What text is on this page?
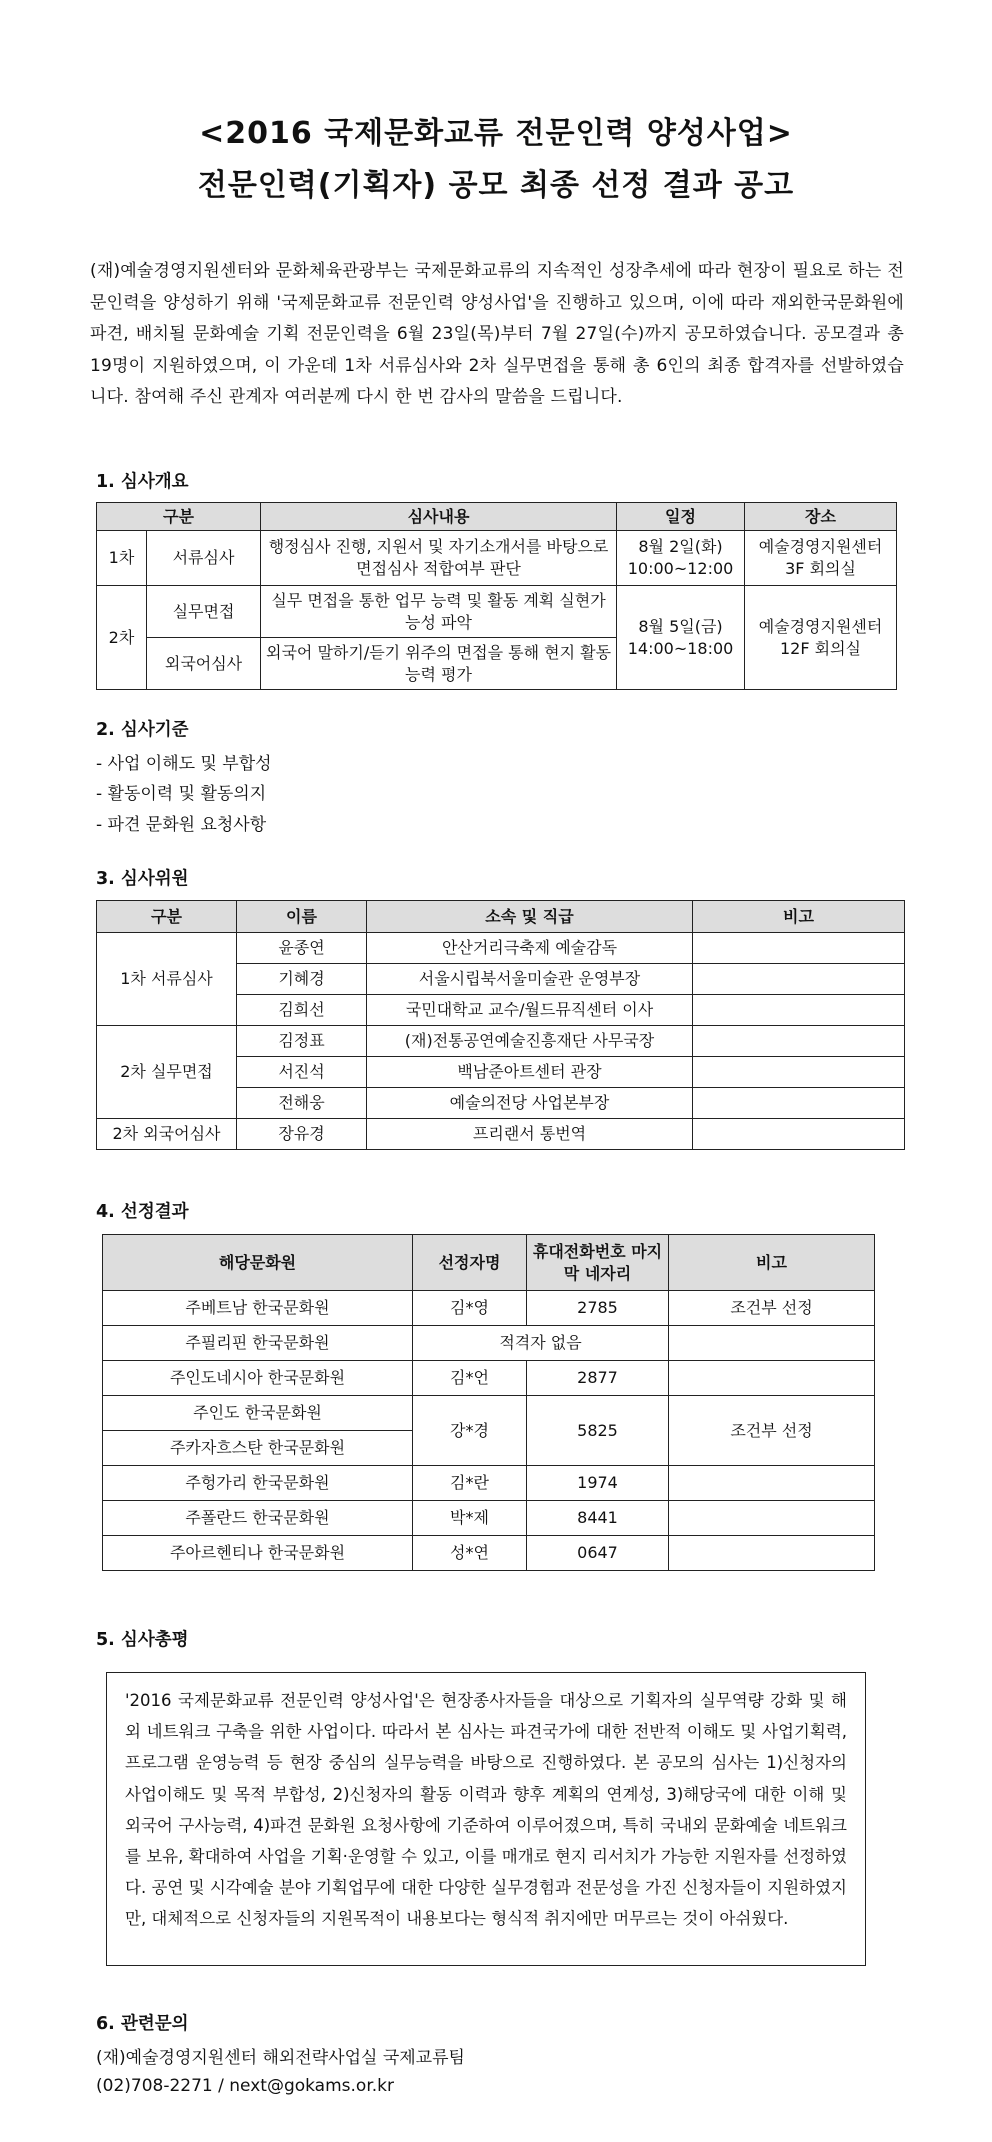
<2016 국제문화교류 전문인력 양성사업>
전문인력(기획자) 공모 최종 선정 결과 공고
(재)예술경영지원센터와 문화체육관광부는 국제문화교류의 지속적인 성장추세에 따라 현장이 필요로 하는 전문인력을 양성하기 위해 '국제문화교류 전문인력 양성사업'을 진행하고 있으며, 이에 따라 재외한국문화원에 파견, 배치될 문화예술 기획 전문인력을 6월 23일(목)부터 7월 27일(수)까지 공모하였습니다. 공모결과 총 19명이 지원하였으며, 이 가운데 1차 서류심사와 2차 실무면접을 통해 총 6인의 최종 합격자를 선발하였습니다. 참여해 주신 관계자 여러분께 다시 한 번 감사의 말씀을 드립니다.
1. 심사개요
구분		심사내용	일정	장소
1차	서류심사	행정심사 진행, 지원서 및 자기소개서를 바탕으로 면접심사 적합여부 판단	8월 2일(화) 10:00~12:00	예술경영지원센터 3F 회의실
2차	실무면접	실무 면접을 통한 업무 능력 및 활동 계획 실현가능성 파악	8월 5일(금) 14:00~18:00	예술경영지원센터 12F 회의실
	외국어심사	외국어 말하기/듣기 위주의 면접을 통해 현지 활동 능력 평가		
2. 심사기준
- 사업 이해도 및 부합성
- 활동이력 및 활동의지
- 파견 문화원 요청사항
3. 심사위원
구분	이름	소속 및 직급	비고
1차 서류심사	윤종연	안산거리극축제 예술감독	
	기혜경	서울시립북서울미술관 운영부장	
	김희선	국민대학교 교수/월드뮤직센터 이사	
2차 실무면접	김정표	(재)전통공연예술진흥재단 사무국장	
	서진석	백남준아트센터 관장	
	전해웅	예술의전당 사업본부장	
2차 외국어심사	장유경	프리랜서 통번역	
4. 선정결과
해당문화원	선정자명	휴대전화번호 마지막 네자리	비고
주베트남 한국문화원	김*영	2785	조건부 선정
주필리핀 한국문화원	적격자 없음		
주인도네시아 한국문화원	김*언	2877	
주인도 한국문화원	강*경	5825	조건부 선정
주카자흐스탄 한국문화원			
주헝가리 한국문화원	김*란	1974	
주폴란드 한국문화원	박*제	8441	
주아르헨티나 한국문화원	성*연	0647	
5. 심사총평
'2016 국제문화교류 전문인력 양성사업'은 현장종사자들을 대상으로 기획자의 실무역량 강화 및 해외 네트워크 구축을 위한 사업이다. 따라서 본 심사는 파견국가에 대한 전반적 이해도 및 사업기획력, 프로그램 운영능력 등 현장 중심의 실무능력을 바탕으로 진행하였다. 본 공모의 심사는 1)신청자의 사업이해도 및 목적 부합성, 2)신청자의 활동 이력과 향후 계획의 연계성, 3)해당국에 대한 이해 및 외국어 구사능력, 4)파견 문화원 요청사항에 기준하여 이루어졌으며, 특히 국내외 문화예술 네트워크를 보유, 확대하여 사업을 기획·운영할 수 있고, 이를 매개로 현지 리서치가 가능한 지원자를 선정하였다. 공연 및 시각예술 분야 기획업무에 대한 다양한 실무경험과 전문성을 가진 신청자들이 지원하였지만, 대체적으로 신청자들의 지원목적이 내용보다는 형식적 취지에만 머무르는 것이 아쉬웠다.
6. 관련문의
(재)예술경영지원센터 해외전략사업실 국제교류팀
(02)708-2271 / next@gokams.or.kr
